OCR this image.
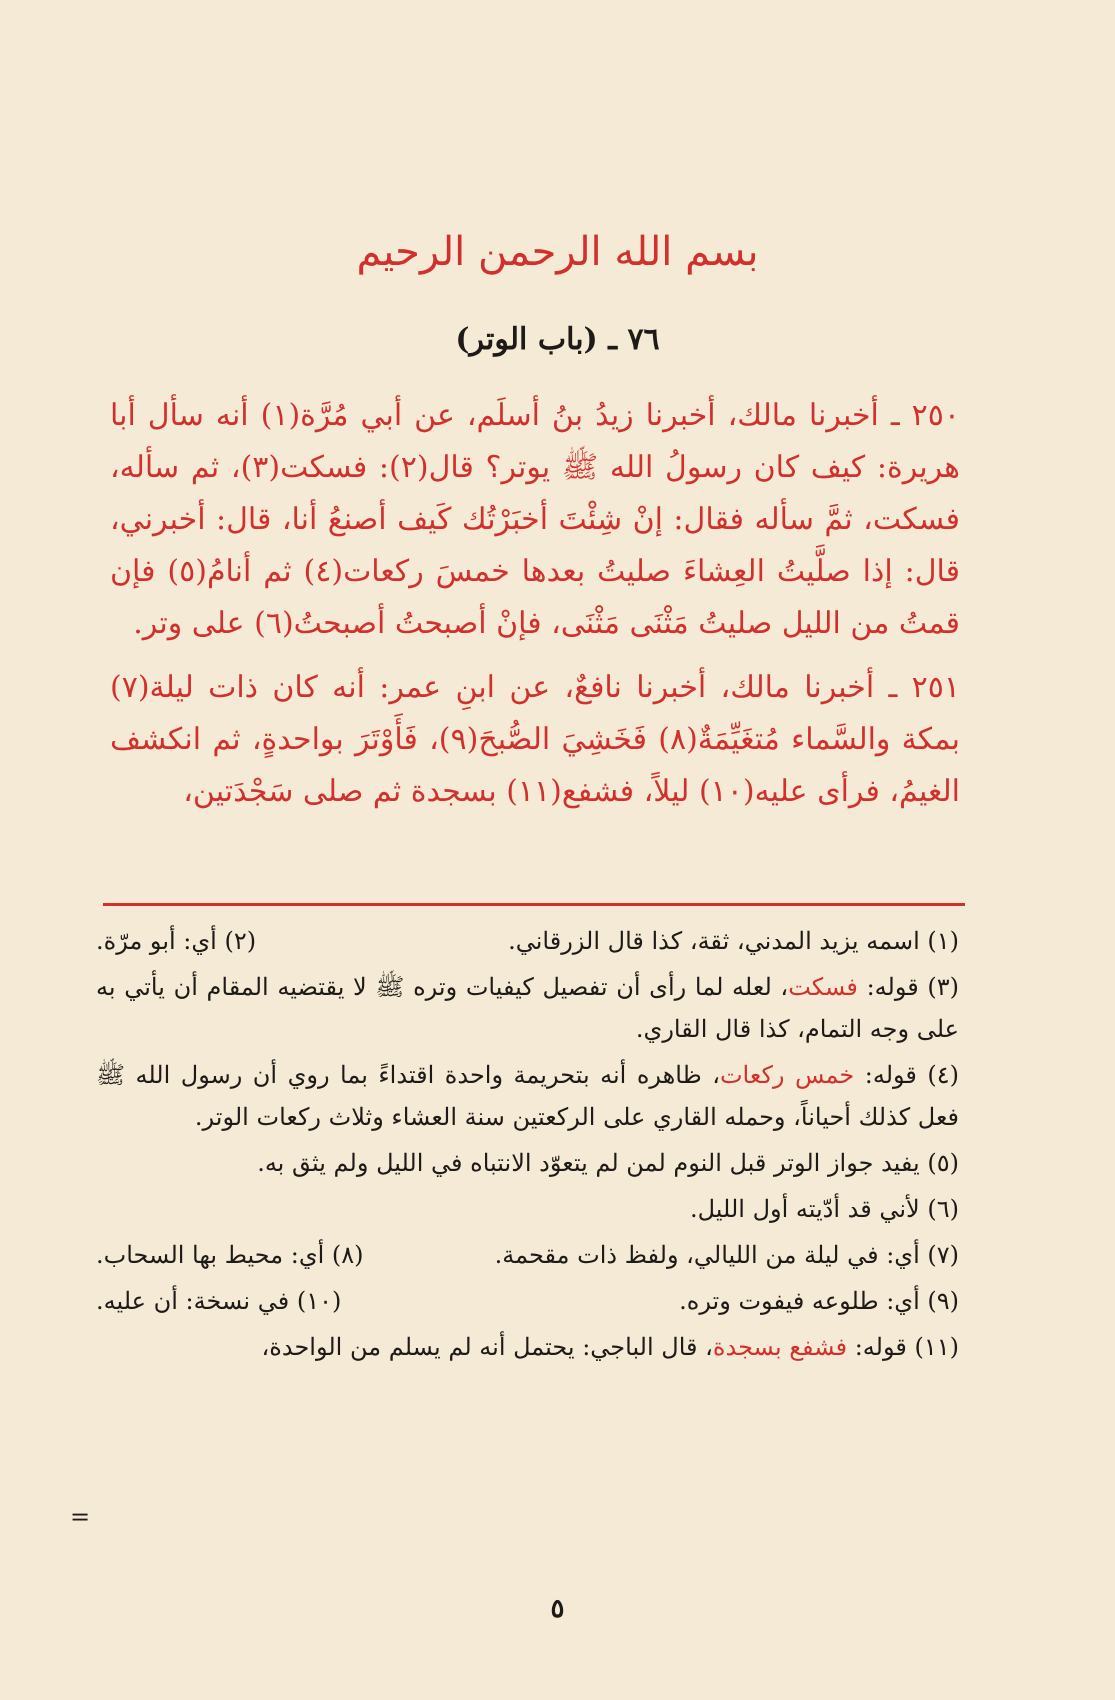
بسم الله الرحمن الرحيم
٧٦ ـ (باب الوتر)

٢٥٠ ـ أخبرنا مالك، أخبرنا زيدُ بنُ أسلَم، عن أبي مُرَّة(١) أنه سأل أبا هريرة: كيف كان رسولُ الله ﷺ يوتر؟ قال(٢): فسكت(٣)، ثم سأله، فسكت، ثمَّ سأله فقال: إنْ شِئْتَ أخبَرْتُك كَيف أصنعُ أنا، قال: أخبرني، قال: إذا صلَّيتُ العِشاءَ صليتُ بعدها خمسَ ركعات(٤) ثم أنامُ(٥) فإن قمتُ من الليل صليتُ مَثْنَى مَثْنَى، فإنْ أصبحتُ أصبحتُ(٦) على وتر.

٢٥١ ـ أخبرنا مالك، أخبرنا نافعٌ، عن ابنِ عمر: أنه كان ذات ليلة(٧) بمكة والسَّماء مُتغَيِّمَةٌ(٨) فَخَشِيَ الصُّبحَ(٩)، فَأَوْتَرَ بواحدةٍ، ثم انكشف الغيمُ، فرأى عليه(١٠) ليلاً، فشفع(١١) بسجدة ثم صلى سَجْدَتين،

(١) اسمه يزيد المدني، ثقة، كذا قال الزرقاني.
(٢) أي: أبو مرّة.

(٣) قوله: فسكت، لعله لما رأى أن تفصيل كيفيات وتره ﷺ لا يقتضيه المقام أن يأتي به على وجه التمام، كذا قال القاري.

(٤) قوله: خمس ركعات، ظاهره أنه بتحريمة واحدة اقتداءً بما روي أن رسول الله ﷺ فعل كذلك أحياناً، وحمله القاري على الركعتين سنة العشاء وثلاث ركعات الوتر.

(٥) يفيد جواز الوتر قبل النوم لمن لم يتعوّد الانتباه في الليل ولم يثق به.

(٦) لأني قد أدّيته أول الليل.

(٧) أي: في ليلة من الليالي، ولفظ ذات مقحمة.
(٨) أي: محيط بها السحاب.
(٩) أي: طلوعه فيفوت وتره.
(١٠) في نسخة: أن عليه.

(١١) قوله: فشفع بسجدة، قال الباجي: يحتمل أنه لم يسلم من الواحدة،

=
٥
